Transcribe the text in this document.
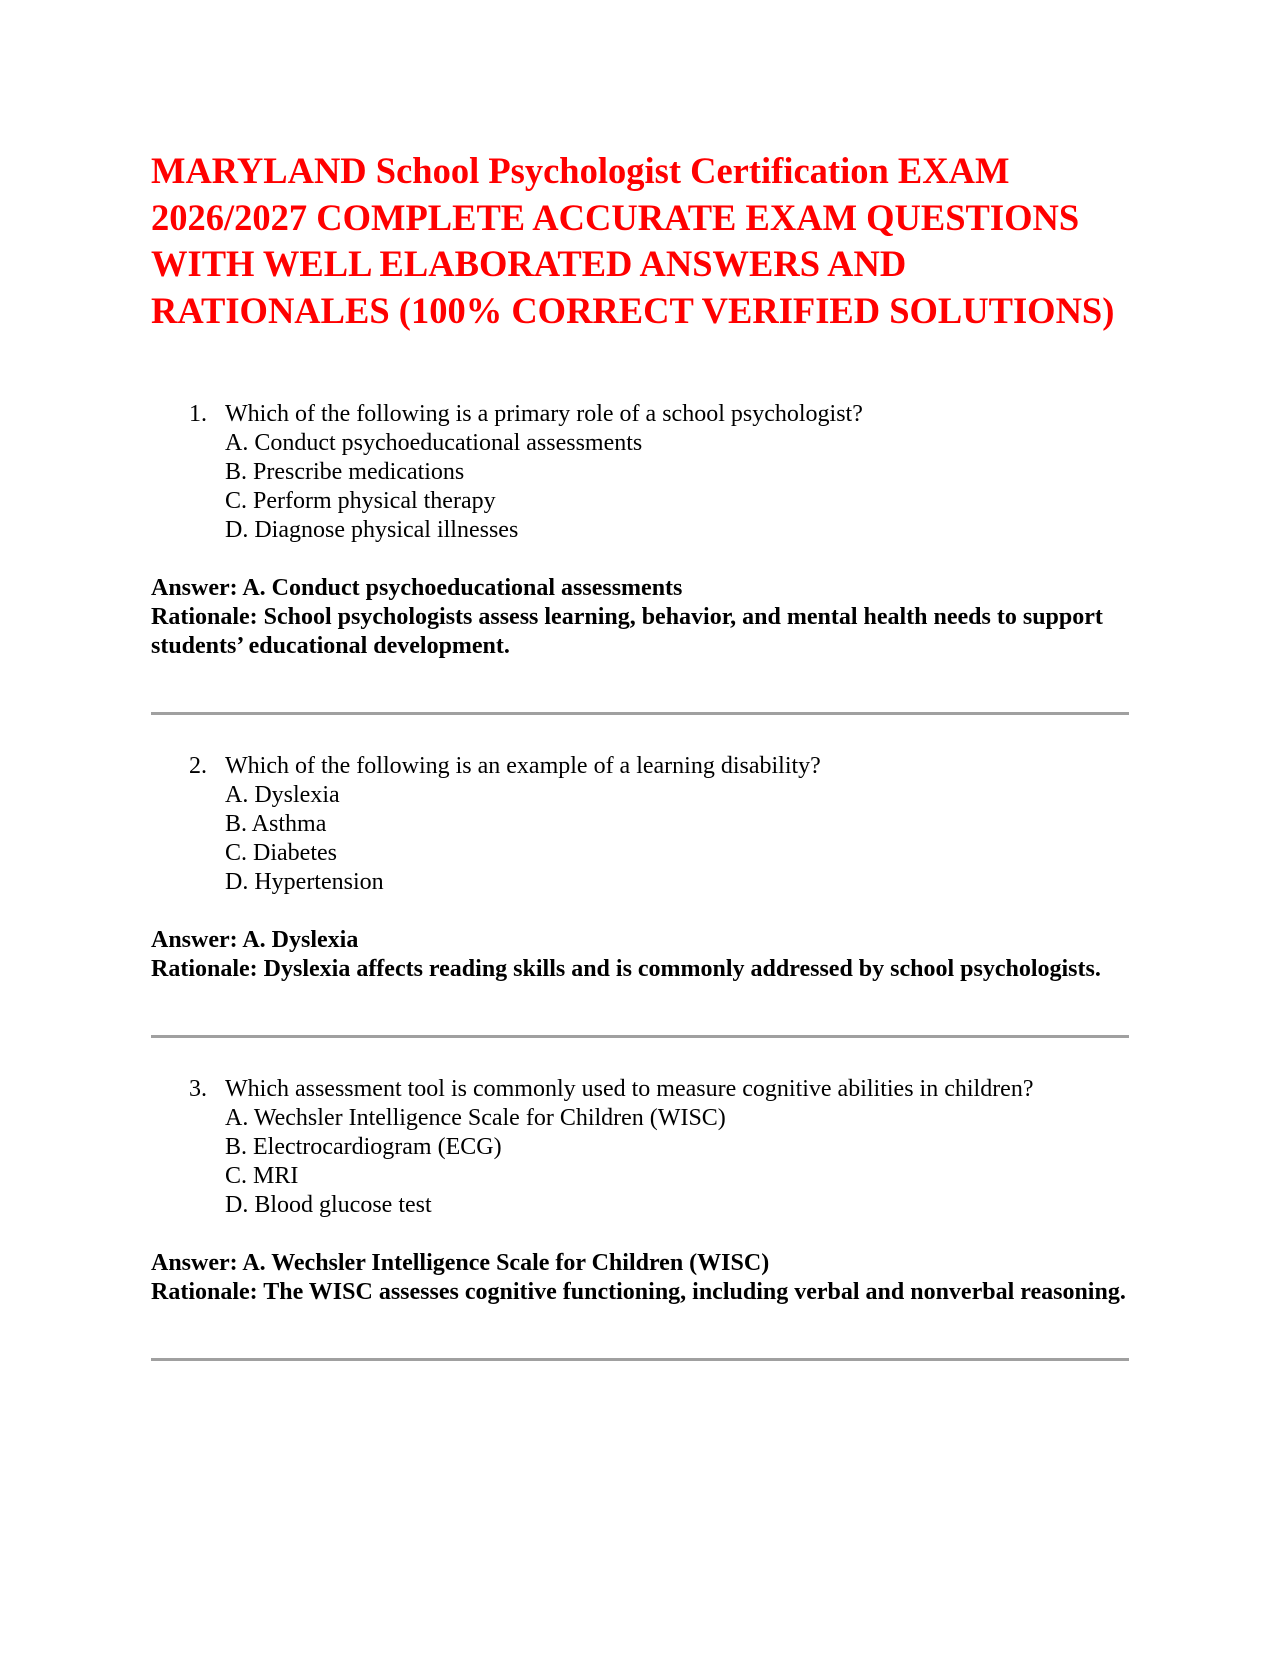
MARYLAND School Psychologist Certification EXAM 2026/2027 COMPLETE ACCURATE EXAM QUESTIONS WITH WELL ELABORATED ANSWERS AND RATIONALES (100% CORRECT VERIFIED SOLUTIONS)
1. Which of the following is a primary role of a school psychologist?
A. Conduct psychoeducational assessments
B. Prescribe medications
C. Perform physical therapy
D. Diagnose physical illnesses
Answer: A. Conduct psychoeducational assessments
Rationale: School psychologists assess learning, behavior, and mental health needs to support students’ educational development.
2. Which of the following is an example of a learning disability?
A. Dyslexia
B. Asthma
C. Diabetes
D. Hypertension
Answer: A. Dyslexia
Rationale: Dyslexia affects reading skills and is commonly addressed by school psychologists.
3. Which assessment tool is commonly used to measure cognitive abilities in children?
A. Wechsler Intelligence Scale for Children (WISC)
B. Electrocardiogram (ECG)
C. MRI
D. Blood glucose test
Answer: A. Wechsler Intelligence Scale for Children (WISC)
Rationale: The WISC assesses cognitive functioning, including verbal and nonverbal reasoning.
